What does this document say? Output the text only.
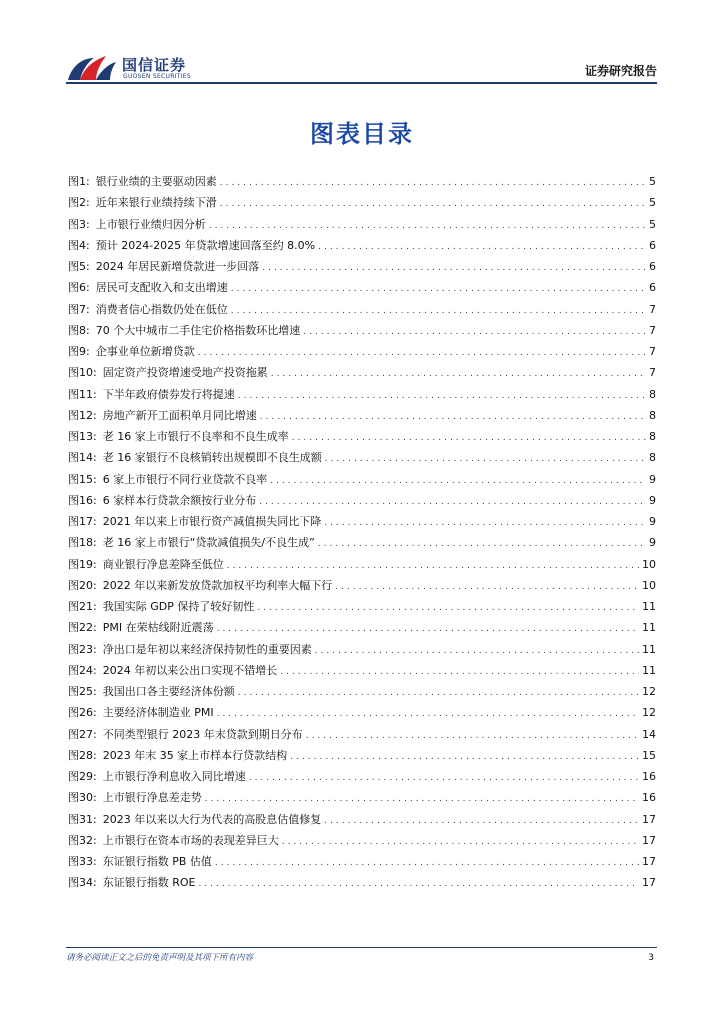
国信证券
GUOSEN SECURITIES	证券研究报告
图表目录
图1: 银行业绩的主要驱动因素 .....	5
图2: 近年来银行业绩持续下滑 .....	5
图3: 上市银行业绩归因分析 .....	5
图4: 预计 2024-2025 年贷款增速回落至约 8.0% .....	6
图5: 2024 年居民新增贷款进一步回落 .....	6
图6: 居民可支配收入和支出增速 .....	6
图7: 消费者信心指数仍处在低位 .....	7
图8: 70 个大中城市二手住宅价格指数环比增速 .....	7
图9: 企事业单位新增贷款 .....	7
图10: 固定资产投资增速受地产投资拖累 .....	7
图11: 下半年政府债券发行将提速 .....	8
图12: 房地产新开工面积单月同比增速 .....	8
图13: 老 16 家上市银行不良率和不良生成率 .....	8
图14: 老 16 家银行不良核销转出规模即不良生成额 .....	8
图15: 6 家上市银行不同行业贷款不良率 .....	9
图16: 6 家样本行贷款余额按行业分布 .....	9
图17: 2021 年以来上市银行资产减值损失同比下降 .....	9
图18: 老 16 家上市银行“贷款减值损失/不良生成” .....	9
图19: 商业银行净息差降至低位 .....	10
图20: 2022 年以来新发放贷款加权平均利率大幅下行 .....	10
图21: 我国实际 GDP 保持了较好韧性 .....	11
图22: PMI 在荣枯线附近震荡 .....	11
图23: 净出口是年初以来经济保持韧性的重要因素 .....	11
图24: 2024 年初以来公出口实现不错增长 .....	11
图25: 我国出口各主要经济体份额 .....	12
图26: 主要经济体制造业 PMI .....	12
图27: 不同类型银行 2023 年末贷款到期日分布 .....	14
图28: 2023 年末 35 家上市样本行贷款结构 .....	15
图29: 上市银行净利息收入同比增速 .....	16
图30: 上市银行净息差走势 .....	16
图31: 2023 年以来以大行为代表的高股息估值修复 .....	17
图32: 上市银行在资本市场的表现差异巨大 .....	17
图33: 东证银行指数 PB 估值 .....	17
图34: 东证银行指数 ROE .....	17
请务必阅读正文之后的免责声明及其项下所有内容	3
